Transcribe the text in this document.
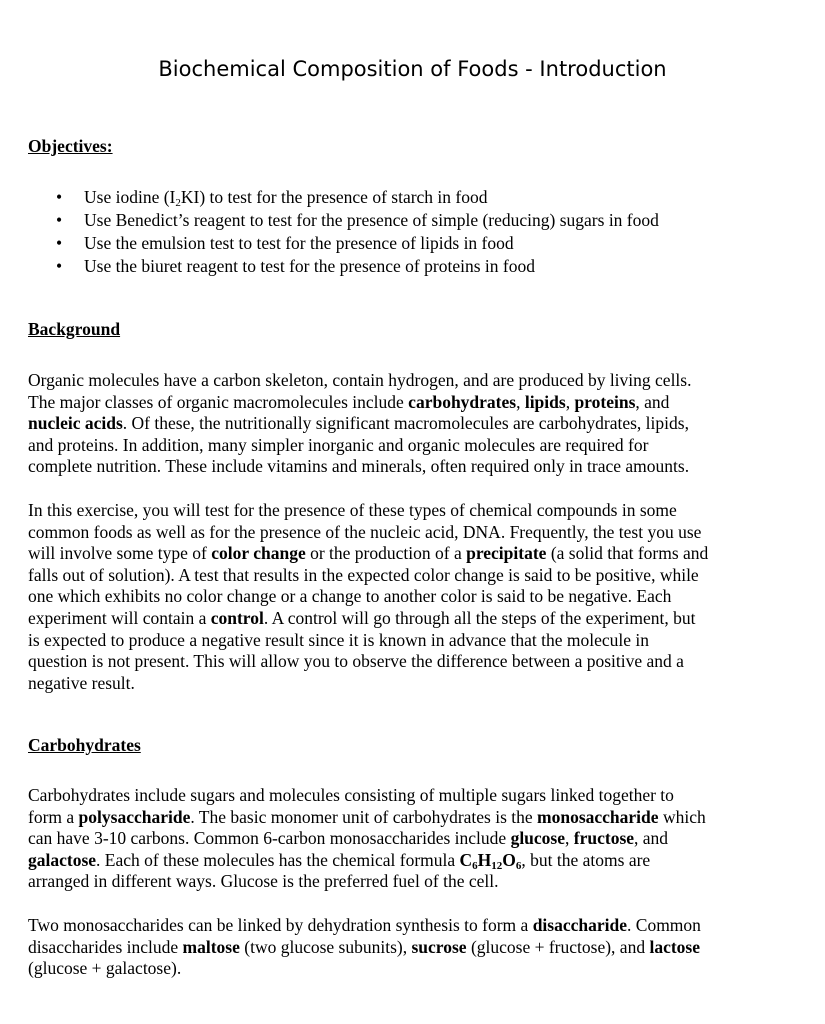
Biochemical Composition of Foods - Introduction
Objectives:
• Use iodine $(I_2KI)$ to test for the presence of starch in food
• Use Benedict’s reagent to test for the presence of simple (reducing) sugars in food
• Use the emulsion test to test for the presence of lipids in food
• Use the biuret reagent to test for the presence of proteins in food
Background

Organic molecules have a carbon skeleton, contain hydrogen, and are produced by living cells.
The major classes of organic macromolecules include carbohydrates, lipids, proteins, and
nucleic acids. Of these, the nutritionally significant macromolecules are carbohydrates, lipids,
and proteins. In addition, many simpler inorganic and organic molecules are required for
complete nutrition. These include vitamins and minerals, often required only in trace amounts.

In this exercise, you will test for the presence of these types of chemical compounds in some
common foods as well as for the presence of the nucleic acid, DNA. Frequently, the test you use
will involve some type of color change or the production of a precipitate (a solid that forms and
falls out of solution). A test that results in the expected color change is said to be positive, while
one which exhibits no color change or a change to another color is said to be negative. Each
experiment will contain a control. A control will go through all the steps of the experiment, but
is expected to produce a negative result since it is known in advance that the molecule in
question is not present. This will allow you to observe the difference between a positive and a
negative result.

Carbohydrates

Carbohydrates include sugars and molecules consisting of multiple sugars linked together to
form a polysaccharide. The basic monomer unit of carbohydrates is the monosaccharide which
can have 3-10 carbons. Common 6-carbon monosaccharides include glucose, fructose, and
galactose. Each of these molecules has the chemical formula $C_6H_{12}O_6$, but the atoms are
arranged in different ways. Glucose is the preferred fuel of the cell.

Two monosaccharides can be linked by dehydration synthesis to form a disaccharide. Common
disaccharides include maltose (two glucose subunits), sucrose (glucose + fructose), and lactose
(glucose + galactose).
